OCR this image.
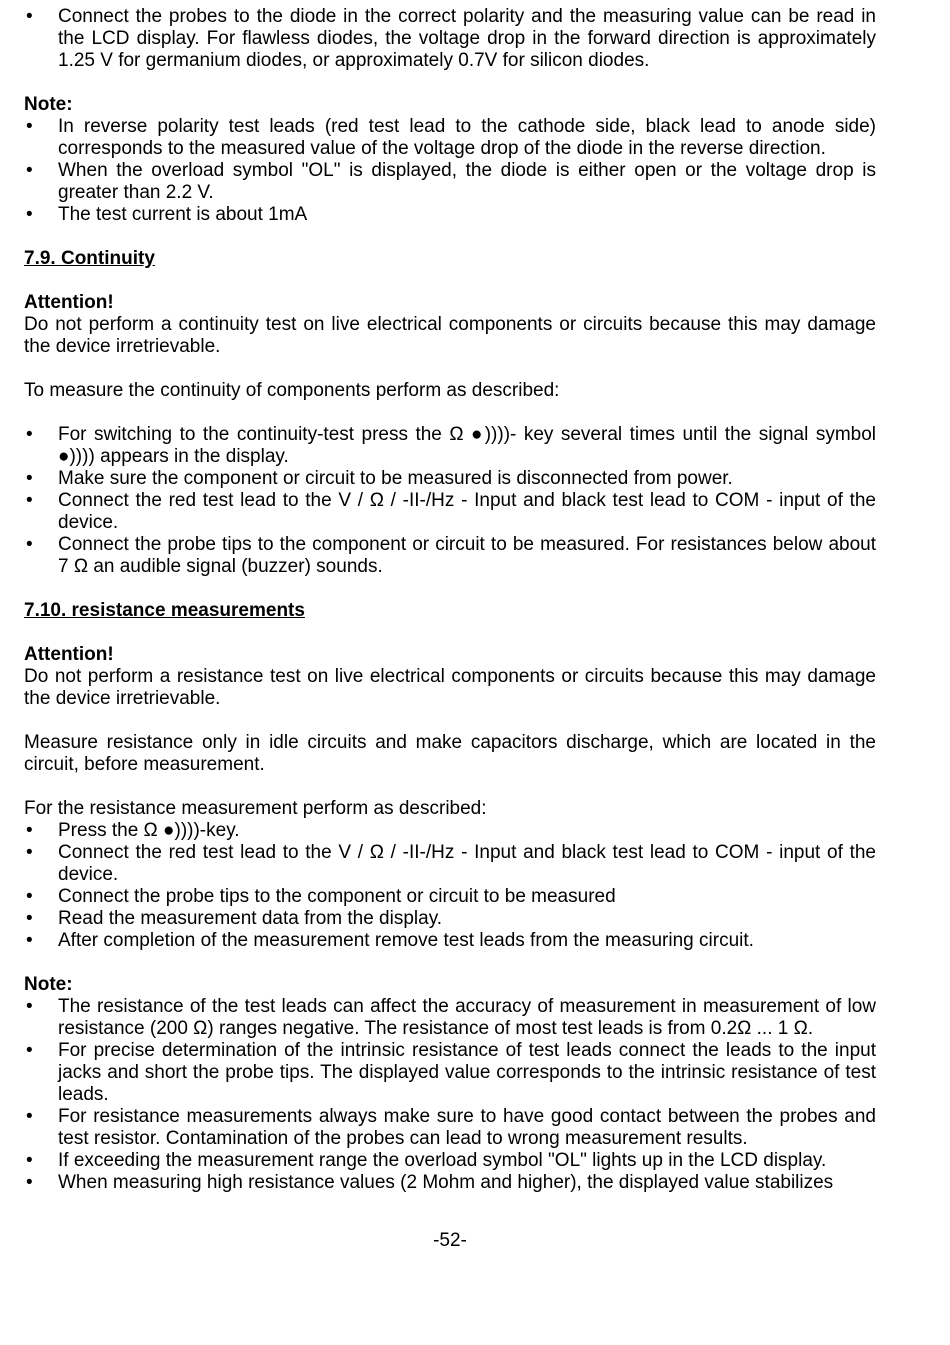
• Connect the probes to the diode in the correct polarity and the measuring value can be read in the LCD display. For flawless diodes, the voltage drop in the forward direction is approximately 1.25 V for germanium diodes, or approximately 0.7V for silicon diodes.
Note:
• In reverse polarity test leads (red test lead to the cathode side, black lead to anode side) corresponds to the measured value of the voltage drop of the diode in the reverse direction.
• When the overload symbol "OL" is displayed, the diode is either open or the voltage drop is greater than 2.2 V.
• The test current is about 1mA
7.9. Continuity
Attention!
Do not perform a continuity test on live electrical components or circuits because this may damage the device irretrievable.
To measure the continuity of components perform as described:
• For switching to the continuity-test press the Ω ●))))- key several times until the signal symbol ●)))) appears in the display.
• Make sure the component or circuit to be measured is disconnected from power.
• Connect the red test lead to the V / Ω / -II-/Hz - Input and black test lead to COM - input of the device.
• Connect the probe tips to the component or circuit to be measured. For resistances below about 7 Ω an audible signal (buzzer) sounds.
7.10. resistance measurements
Attention!
Do not perform a resistance test on live electrical components or circuits because this may damage the device irretrievable.
Measure resistance only in idle circuits and make capacitors discharge, which are located in the circuit, before measurement.
For the resistance measurement perform as described:
• Press the Ω ●))))-key.
• Connect the red test lead to the V / Ω / -II-/Hz - Input and black test lead to COM - input of the device.
• Connect the probe tips to the component or circuit to be measured
• Read the measurement data from the display.
• After completion of the measurement remove test leads from the measuring circuit.
Note:
• The resistance of the test leads can affect the accuracy of measurement in measurement of low resistance (200 Ω) ranges negative. The resistance of most test leads is from 0.2Ω ... 1 Ω.
• For precise determination of the intrinsic resistance of test leads connect the leads to the input jacks and short the probe tips. The displayed value corresponds to the intrinsic resistance of test leads.
• For resistance measurements always make sure to have good contact between the probes and test resistor. Contamination of the probes can lead to wrong measurement results.
• If exceeding the measurement range the overload symbol "OL" lights up in the LCD display.
• When measuring high resistance values (2 Mohm and higher), the displayed value stabilizes
-52-
